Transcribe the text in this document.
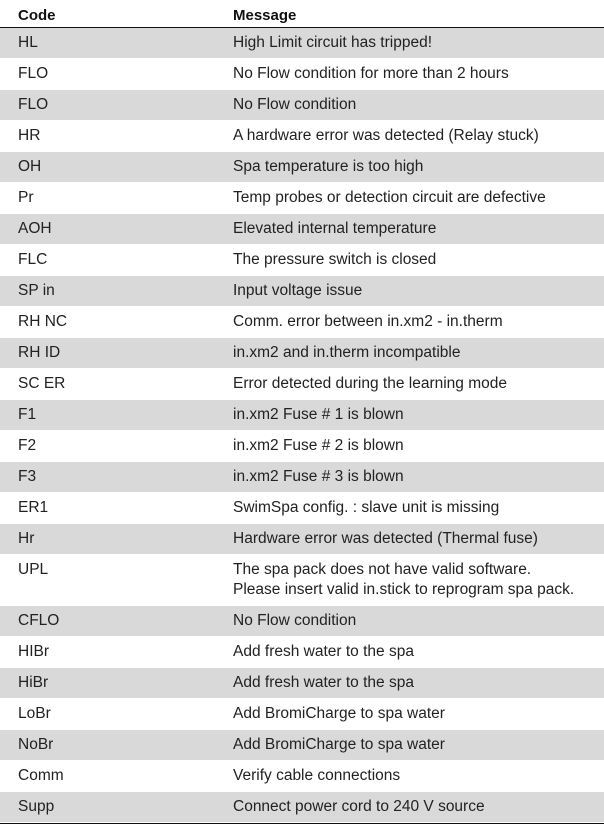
Code	Message
HL	High Limit circuit has tripped!
FLO	No Flow condition for more than 2 hours
FLO	No Flow condition
HR	A hardware error was detected (Relay stuck)
OH	Spa temperature is too high
Pr	Temp probes or detection circuit are defective
AOH	Elevated internal temperature
FLC	The pressure switch is closed
SP in	Input voltage issue
RH NC	Comm. error between in.xm2 - in.therm
RH ID	in.xm2 and in.therm incompatible
SC ER	Error detected during the learning mode
F1	in.xm2 Fuse # 1 is blown
F2	in.xm2 Fuse # 2 is blown
F3	in.xm2 Fuse # 3 is blown
ER1	SwimSpa config. : slave unit is missing
Hr	Hardware error was detected (Thermal fuse)
UPL	The spa pack does not have valid software.
Please insert valid in.stick to reprogram spa pack.
CFLO	No Flow condition
HIBr	Add fresh water to the spa
HiBr	Add fresh water to the spa
LoBr	Add BromiCharge to spa water
NoBr	Add BromiCharge to spa water
Comm	Verify cable connections
Supp	Connect power cord to 240 V source
